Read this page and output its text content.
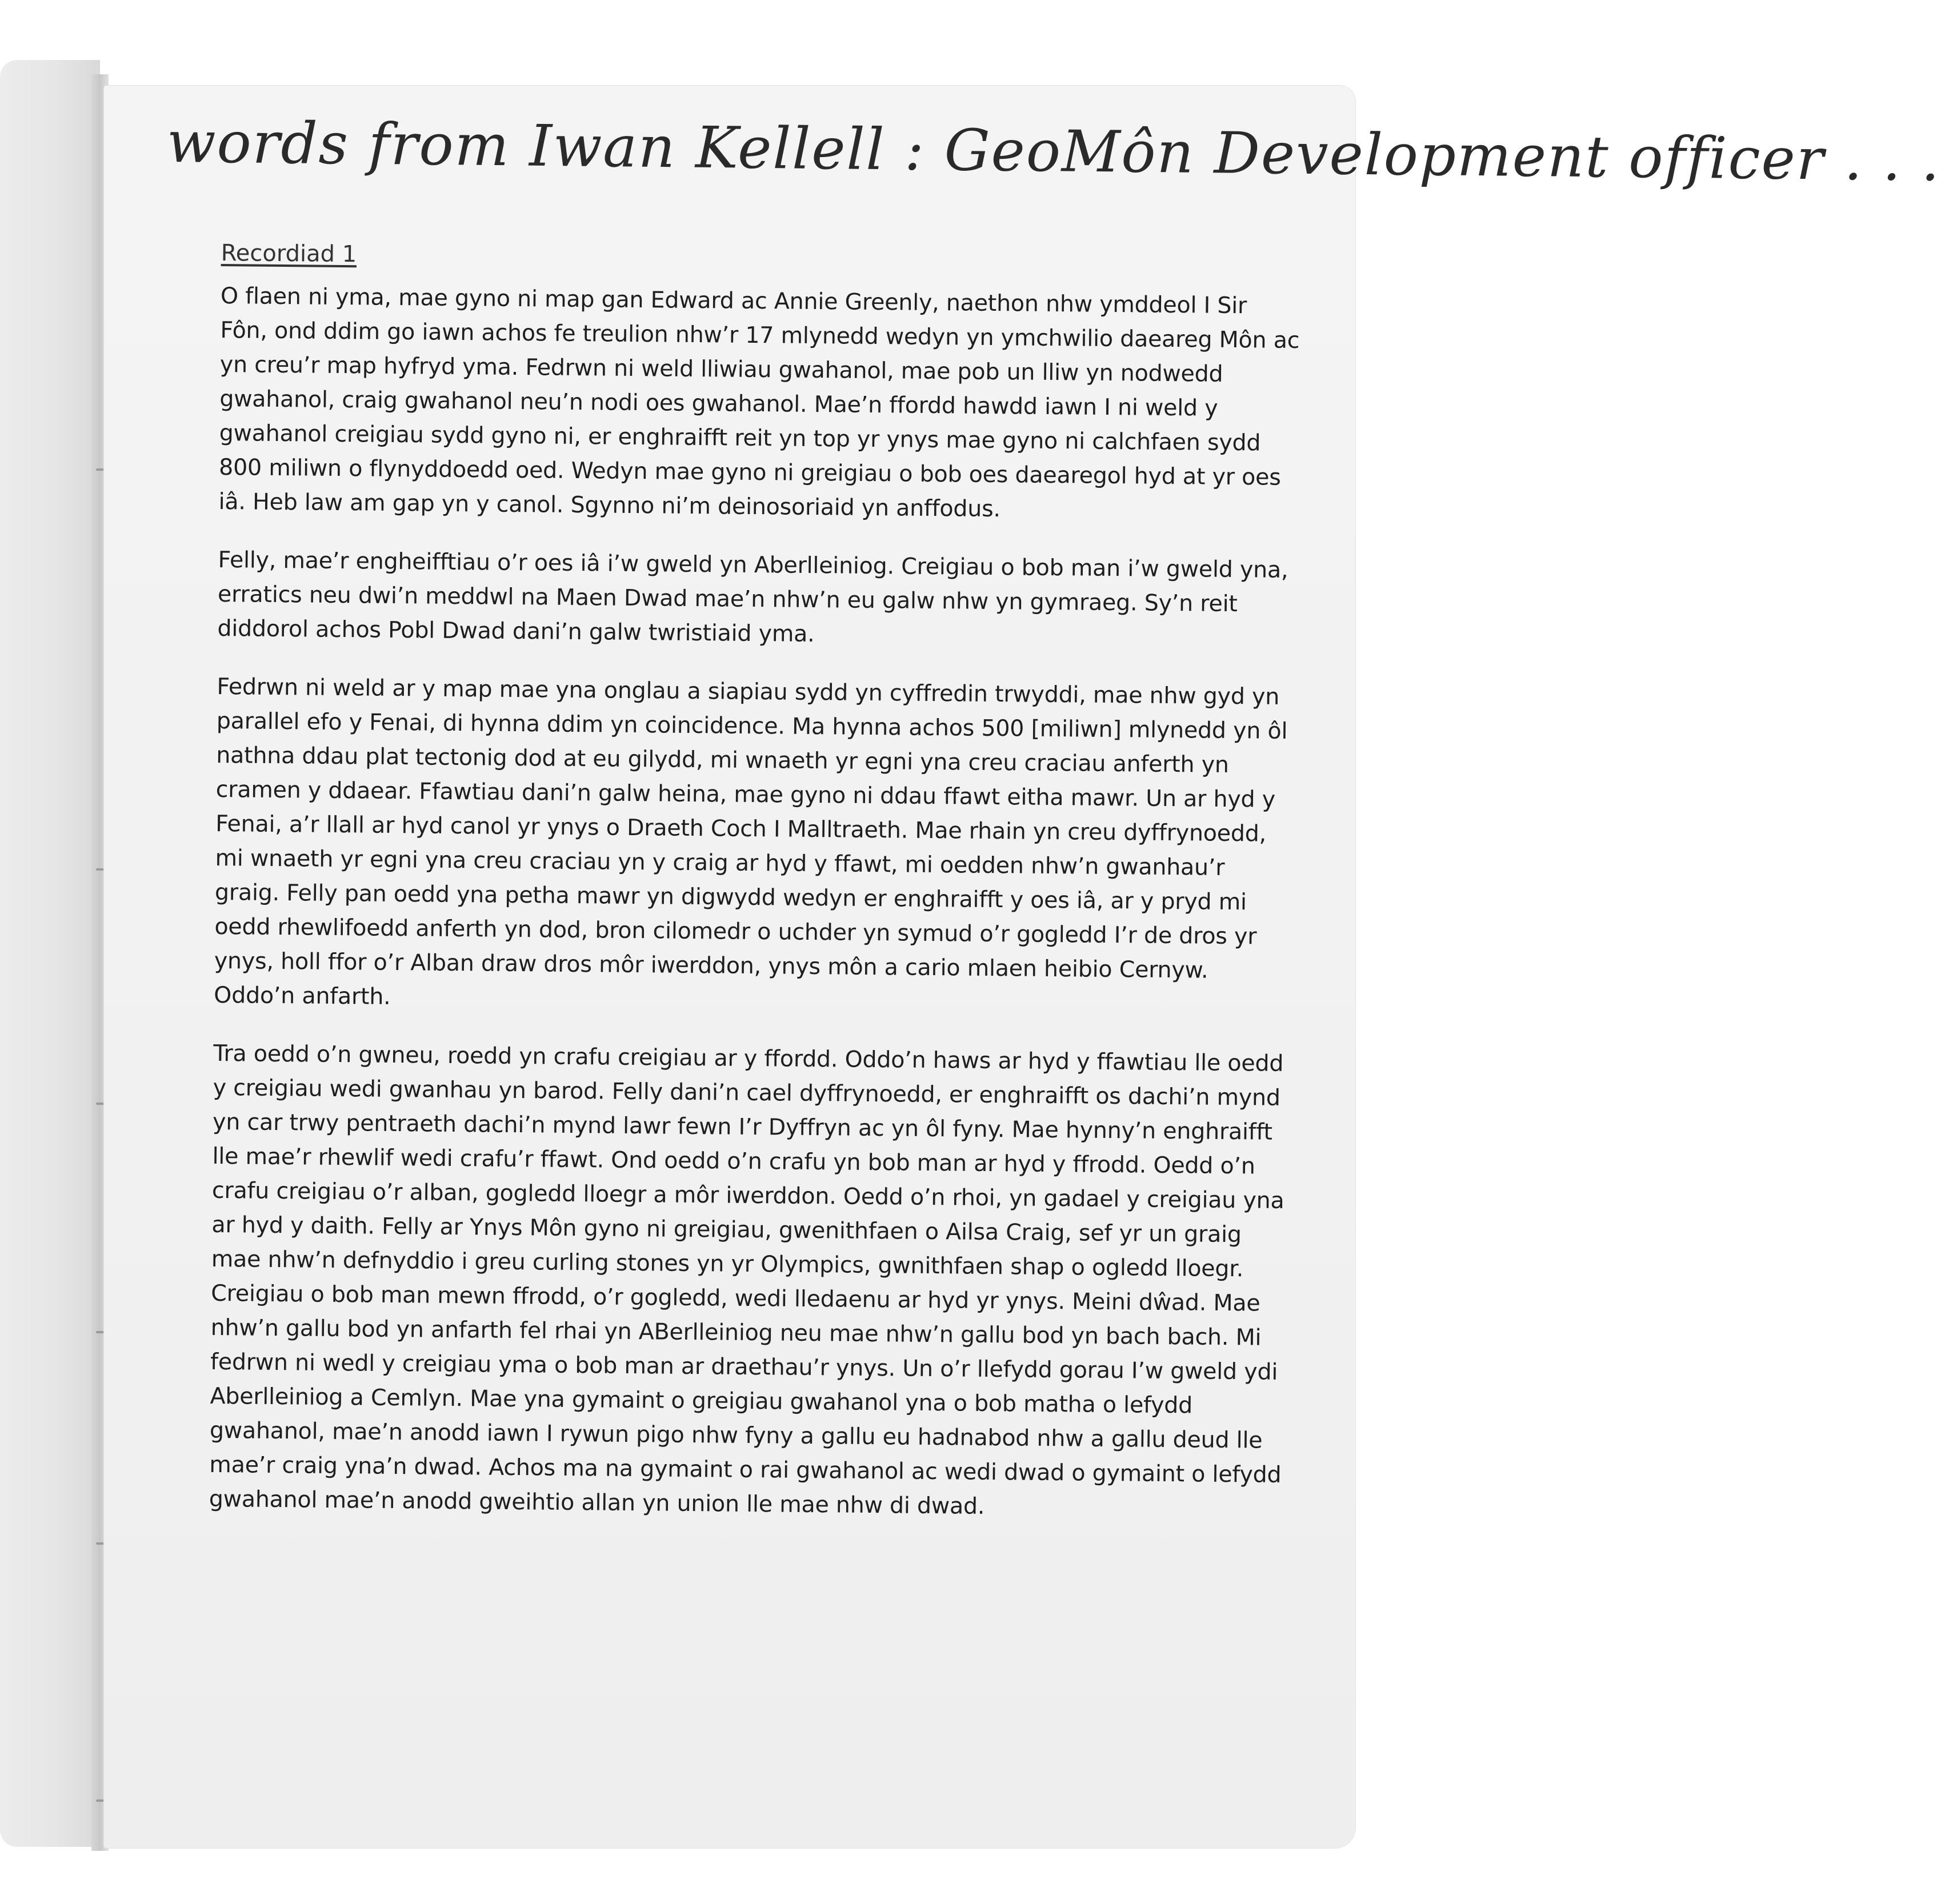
words from Iwan Kellell : GeoMôn Development officer . . .
Recordiad 1

O flaen ni yma, mae gyno ni map gan Edward ac Annie Greenly, naethon nhw ymddeol I Sir Fôn, ond ddim go iawn achos fe treulion nhw’r 17 mlynedd wedyn yn ymchwilio daeareg Môn ac yn creu’r map hyfryd yma. Fedrwn ni weld lliwiau gwahanol, mae pob un lliw yn nodwedd gwahanol, craig gwahanol neu’n nodi oes gwahanol. Mae’n ffordd hawdd iawn I ni weld y gwahanol creigiau sydd gyno ni, er enghraifft reit yn top yr ynys mae gyno ni calchfaen sydd 800 miliwn o flynyddoedd oed. Wedyn mae gyno ni greigiau o bob oes daearegol hyd at yr oes iâ. Heb law am gap yn y canol. Sgynno ni’m deinosoriaid yn anffodus.

Felly, mae’r engheifftiau o’r oes iâ i’w gweld yn Aberlleiniog. Creigiau o bob man i’w gweld yna, erratics neu dwi’n meddwl na Maen Dwad mae’n nhw’n eu galw nhw yn gymraeg. Sy’n reit diddorol achos Pobl Dwad dani’n galw twristiaid yma.

Fedrwn ni weld ar y map mae yna onglau a siapiau sydd yn cyffredin trwyddi, mae nhw gyd yn parallel efo y Fenai, di hynna ddim yn coincidence. Ma hynna achos 500 [miliwn] mlynedd yn ôl nathna ddau plat tectonig dod at eu gilydd, mi wnaeth yr egni yna creu craciau anferth yn cramen y ddaear. Ffawtiau dani’n galw heina, mae gyno ni ddau ffawt eitha mawr. Un ar hyd y Fenai, a’r llall ar hyd canol yr ynys o Draeth Coch I Malltraeth. Mae rhain yn creu dyffrynoedd, mi wnaeth yr egni yna creu craciau yn y craig ar hyd y ffawt, mi oedden nhw’n gwanhau’r graig. Felly pan oedd yna petha mawr yn digwydd wedyn er enghraifft y oes iâ, ar y pryd mi oedd rhewlifoedd anferth yn dod, bron cilomedr o uchder yn symud o’r gogledd I’r de dros yr ynys, holl ffor o’r Alban draw dros môr iwerddon, ynys môn a cario mlaen heibio Cernyw. Oddo’n anfarth.

Tra oedd o’n gwneu, roedd yn crafu creigiau ar y ffordd. Oddo’n haws ar hyd y ffawtiau lle oedd y creigiau wedi gwanhau yn barod. Felly dani’n cael dyffrynoedd, er enghraifft os dachi’n mynd yn car trwy pentraeth dachi’n mynd lawr fewn I’r Dyffryn ac yn ôl fyny. Mae hynny’n enghraifft lle mae’r rhewlif wedi crafu’r ffawt. Ond oedd o’n crafu yn bob man ar hyd y ffrodd. Oedd o’n crafu creigiau o’r alban, gogledd lloegr a môr iwerddon. Oedd o’n rhoi, yn gadael y creigiau yna ar hyd y daith. Felly ar Ynys Môn gyno ni greigiau, gwenithfaen o Ailsa Craig, sef yr un graig mae nhw’n defnyddio i greu curling stones yn yr Olympics, gwnithfaen shap o ogledd lloegr. Creigiau o bob man mewn ffrodd, o’r gogledd, wedi lledaenu ar hyd yr ynys. Meini dŵad. Mae nhw’n gallu bod yn anfarth fel rhai yn ABerlleiniog neu mae nhw’n gallu bod yn bach bach. Mi fedrwn ni wedl y creigiau yma o bob man ar draethau’r ynys. Un o’r llefydd gorau I’w gweld ydi Aberlleiniog a Cemlyn. Mae yna gymaint o greigiau gwahanol yna o bob matha o lefydd gwahanol, mae’n anodd iawn I rywun pigo nhw fyny a gallu eu hadnabod nhw a gallu deud lle mae’r craig yna’n dwad. Achos ma na gymaint o rai gwahanol ac wedi dwad o gymaint o lefydd gwahanol mae’n anodd gweihtio allan yn union lle mae nhw di dwad.
